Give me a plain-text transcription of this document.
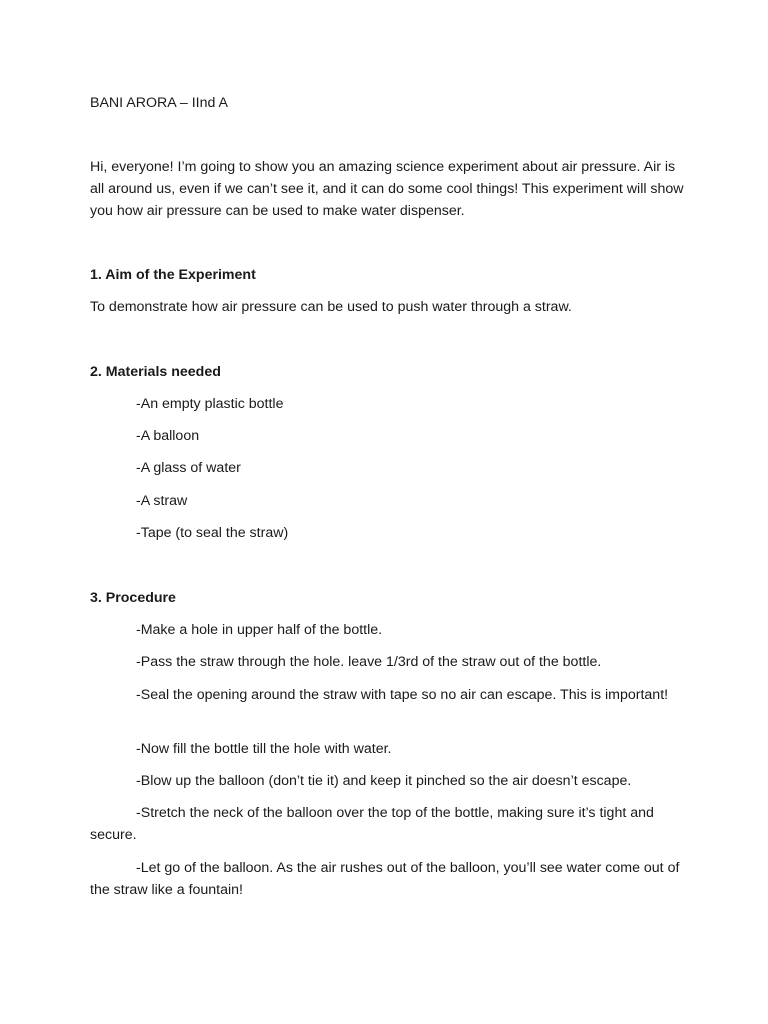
BANI ARORA – IInd A

Hi, everyone! I’m going to show you an amazing science experiment about air pressure. Air is all around us, even if we can’t see it, and it can do some cool things! This experiment will show you how air pressure can be used to make water dispenser.

1. Aim of the Experiment

To demonstrate how air pressure can be used to push water through a straw.

2. Materials needed

-An empty plastic bottle

-A balloon

-A glass of water

-A straw

-Tape (to seal the straw)

3. Procedure

-Make a hole in upper half of the bottle.

-Pass the straw through the hole. leave 1/3rd of the straw out of the bottle.

-Seal the opening around the straw with tape so no air can escape. This is important!

-Now fill the bottle till the hole with water.

-Blow up the balloon (don’t tie it) and keep it pinched so the air doesn’t escape.

-Stretch the neck of the balloon over the top of the bottle, making sure it’s tight and secure.

-Let go of the balloon. As the air rushes out of the balloon, you’ll see water come out of the straw like a fountain!
